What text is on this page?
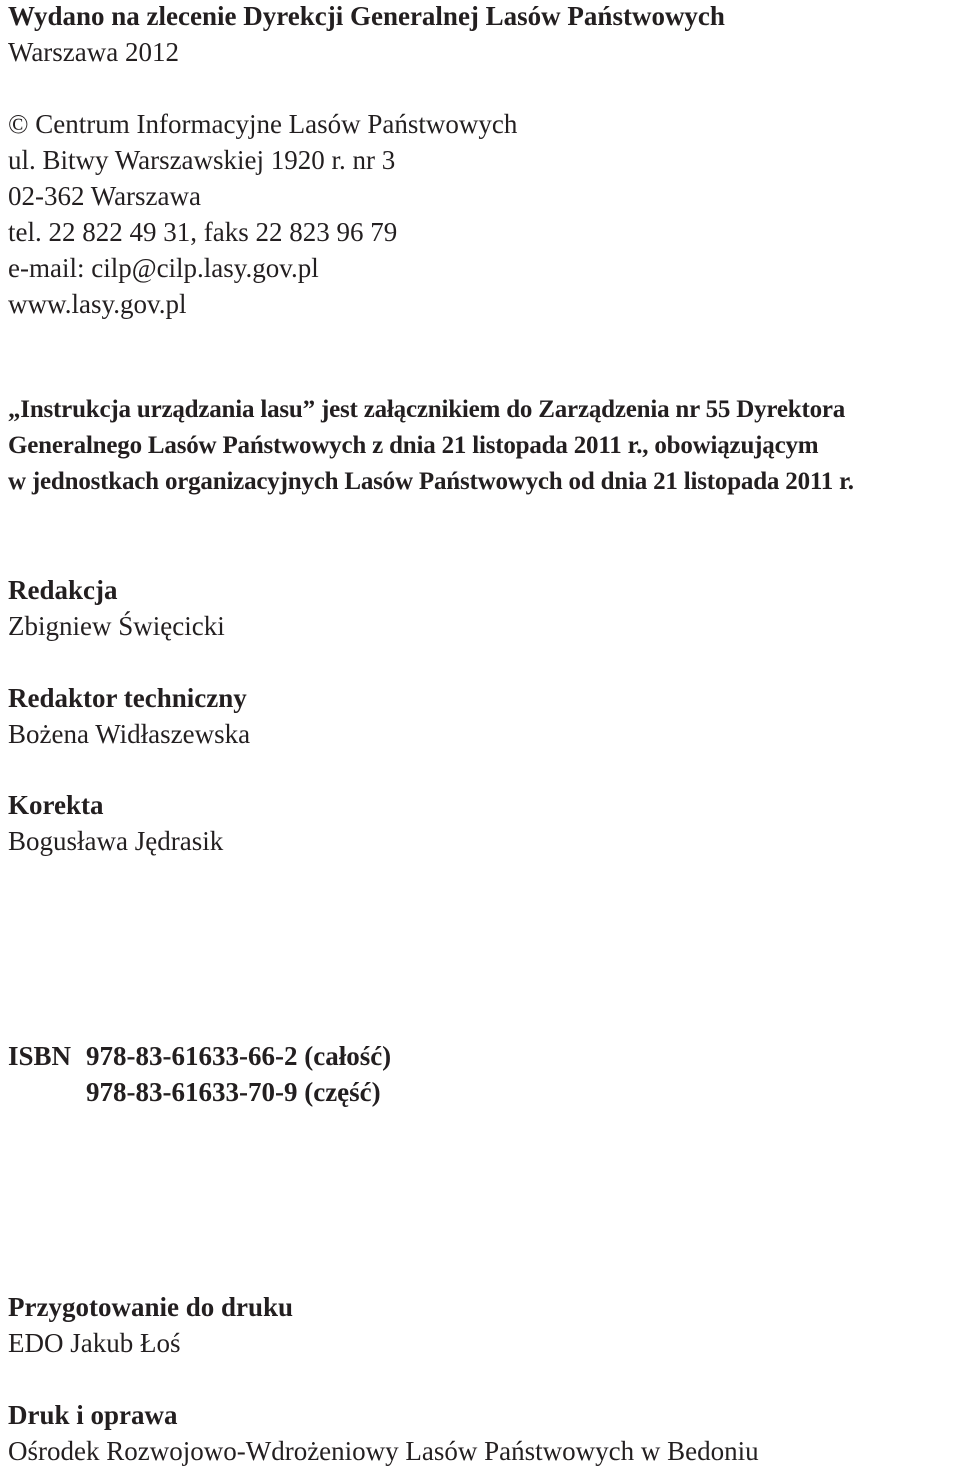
Wydano na zlecenie Dyrekcji Generalnej Lasów Państwowych
Warszawa 2012
© Centrum Informacyjne Lasów Państwowych
ul. Bitwy Warszawskiej 1920 r. nr 3
02-362 Warszawa
tel. 22 822 49 31, faks 22 823 96 79
e-mail: cilp@cilp.lasy.gov.pl
www.lasy.gov.pl
„Instrukcja urządzania lasu” jest załącznikiem do Zarządzenia nr 55 Dyrektora
Generalnego Lasów Państwowych z dnia 21 listopada 2011 r., obowiązującym
w jednostkach organizacyjnych Lasów Państwowych od dnia 21 listopada 2011 r.
Redakcja
Zbigniew Święcicki
Redaktor techniczny
Bożena Widłaszewska
Korekta
Bogusława Jędrasik
ISBN 978-83-61633-66-2 (całość)
978-83-61633-70-9 (część)
Przygotowanie do druku
EDO Jakub Łoś
Druk i oprawa
Ośrodek Rozwojowo-Wdrożeniowy Lasów Państwowych w Bedoniu
